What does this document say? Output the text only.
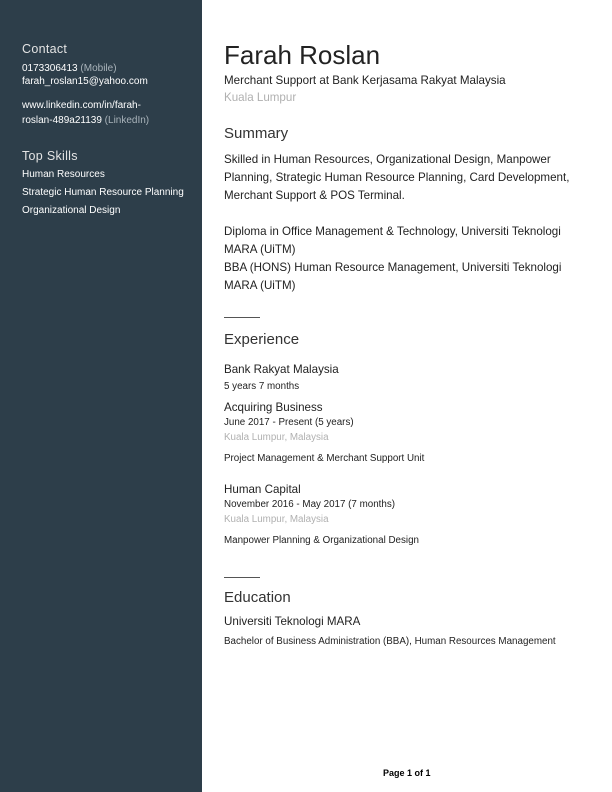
Contact
0173306413 (Mobile)
farah_roslan15@yahoo.com
www.linkedin.com/in/farah-
roslan-489a21139 (LinkedIn)
Top Skills
Human Resources
Strategic Human Resource Planning
Organizational Design
Farah Roslan
Merchant Support at Bank Kerjasama Rakyat Malaysia
Kuala Lumpur
Summary
Skilled in Human Resources, Organizational Design, Manpower
Planning, Strategic Human Resource Planning, Card Development,
Merchant Support & POS Terminal.
Diploma in Office Management & Technology, Universiti Teknologi
MARA (UiTM)
BBA (HONS) Human Resource Management, Universiti Teknologi
MARA (UiTM)
Experience
Bank Rakyat Malaysia
5 years 7 months
Acquiring Business
June 2017 - Present (5 years)
Kuala Lumpur, Malaysia
Project Management & Merchant Support Unit
Human Capital
November 2016 - May 2017 (7 months)
Kuala Lumpur, Malaysia
Manpower Planning & Organizational Design
Education
Universiti Teknologi MARA
Bachelor of Business Administration (BBA), Human Resources Management
Page 1 of 1
